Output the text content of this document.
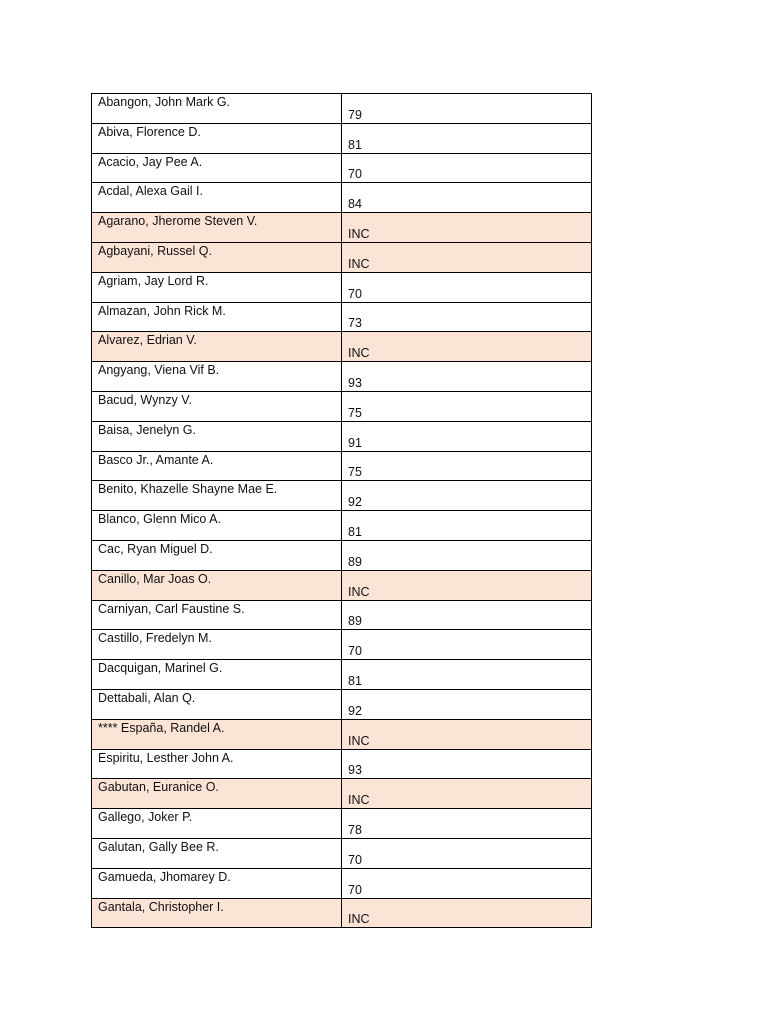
Abangon, John Mark G.	79
Abiva, Florence D.	81
Acacio, Jay Pee A.	70
Acdal, Alexa Gail I.	84
Agarano, Jherome Steven V.	INC
Agbayani, Russel Q.	INC
Agriam, Jay Lord R.	70
Almazan, John Rick M.	73
Alvarez, Edrian V.	INC
Angyang, Viena Vif B.	93
Bacud, Wynzy V.	75
Baisa, Jenelyn G.	91
Basco Jr., Amante A.	75
Benito, Khazelle Shayne Mae E.	92
Blanco, Glenn Mico A.	81
Cac, Ryan Miguel D.	89
Canillo, Mar Joas O.	INC
Carniyan, Carl Faustine S.	89
Castillo, Fredelyn M.	70
Dacquigan, Marinel G.	81
Dettabali, Alan Q.	92
**** España, Randel A.	INC
Espiritu, Lesther John A.	93
Gabutan, Euranice O.	INC
Gallego, Joker P.	78
Galutan, Gally Bee R.	70
Gamueda, Jhomarey D.	70
Gantala, Christopher I.	INC
